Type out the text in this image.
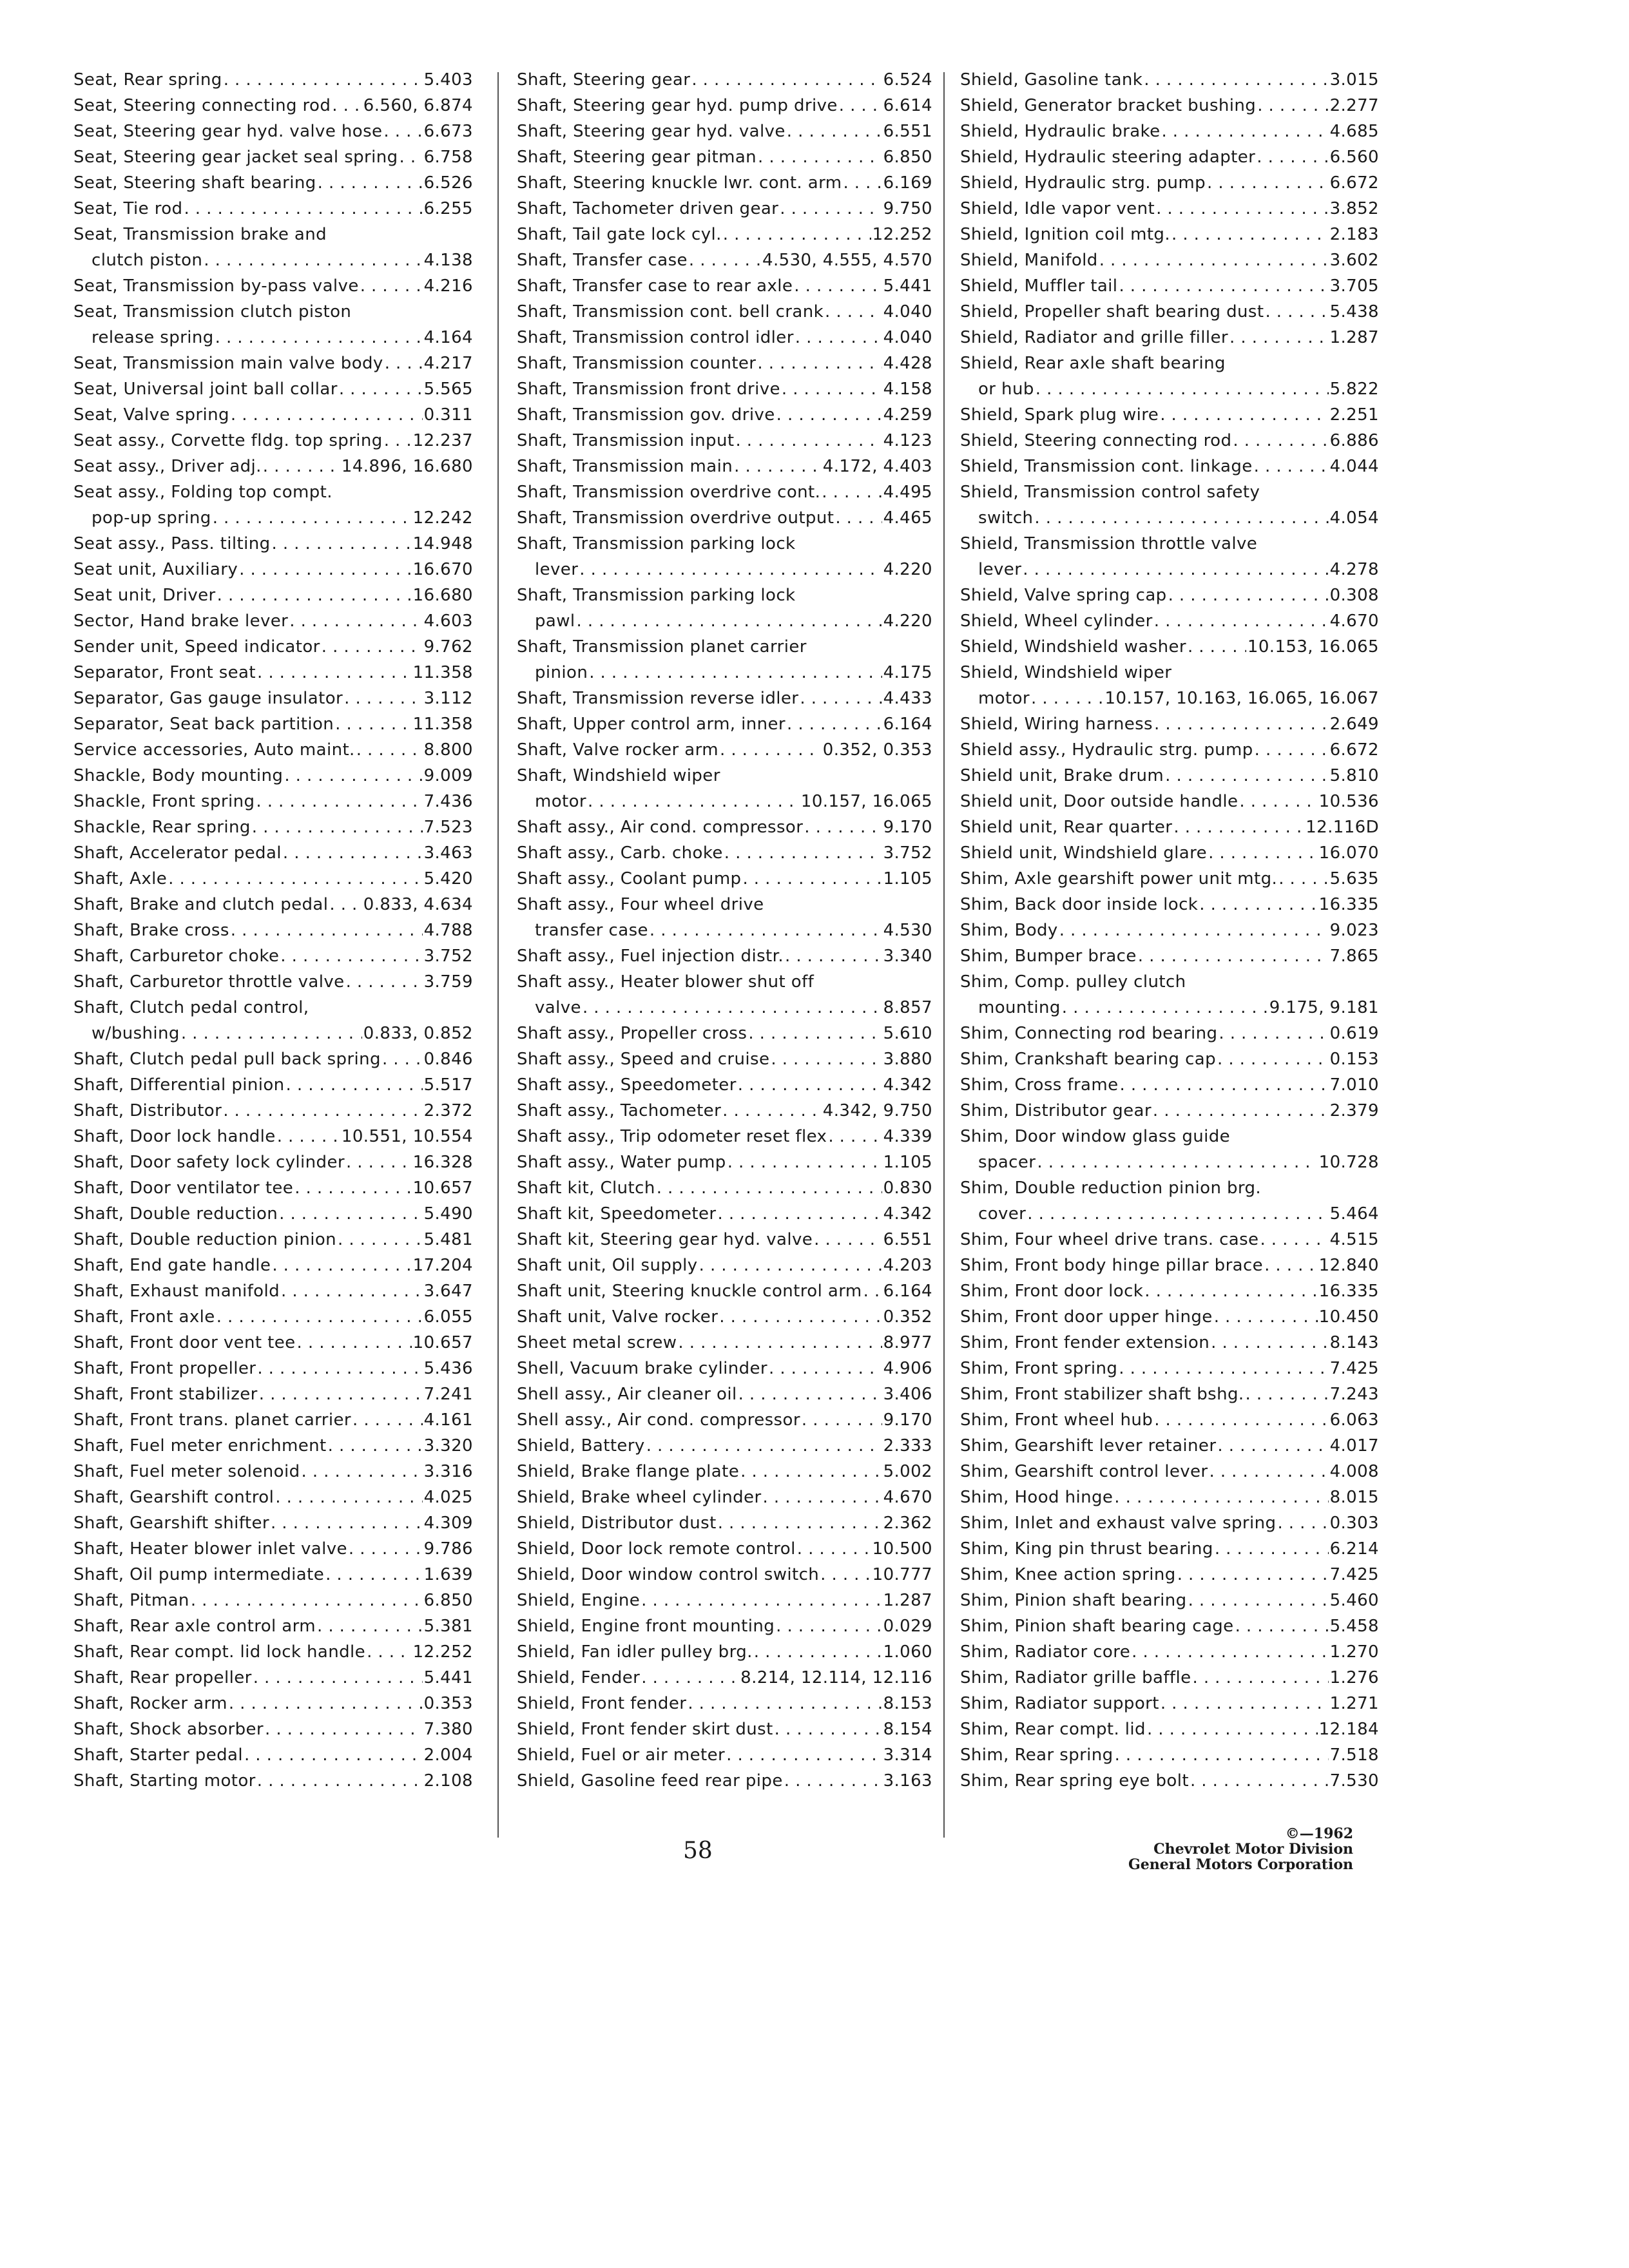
Seat, Rear spring . . .	5.403
Seat, Steering connecting rod . . . 6.560, 6.874
Seat, Steering gear hyd. valve hose . . . 6.673
Seat, Steering gear jacket seal spring . . . 6.758
Seat, Steering shaft bearing . . .	6.526
Seat, Tie rod . . .	6.255
Seat, Transmission brake and
clutch piston . . .	4.138
Seat, Transmission by-pass valve . . .	4.216
Seat, Transmission clutch piston
release spring . . .	4.164
Seat, Transmission main valve body . . . 4.217
Seat, Universal joint ball collar . . .	5.565
Seat, Valve spring . . .	0.311
Seat assy., Corvette fldg. top spring . . . 12.237
Seat assy., Driver adj. . . .	14.896, 16.680
Seat assy., Folding top compt.
pop-up spring . . .	12.242
Seat assy., Pass. tilting . . .	14.948
Seat unit, Auxiliary . . .	16.670
Seat unit, Driver . . .	16.680
Sector, Hand brake lever . . .	4.603
Sender unit, Speed indicator . . .	9.762
Separator, Front seat . . .	11.358
Separator, Gas gauge insulator . . .	3.112
Separator, Seat back partition . . .	11.358
Service accessories, Auto maint. . . .	8.800
Shackle, Body mounting . . .	9.009
Shackle, Front spring . . .	7.436
Shackle, Rear spring . . .	7.523
Shaft, Accelerator pedal . . .	3.463
Shaft, Axle . . .	5.420
Shaft, Brake and clutch pedal . . . 0.833, 4.634
Shaft, Brake cross . . .	4.788
Shaft, Carburetor choke . . .	3.752
Shaft, Carburetor throttle valve . . .	3.759
Shaft, Clutch pedal control,
w/bushing . . .	0.833, 0.852
Shaft, Clutch pedal pull back spring . . .	0.846
Shaft, Differential pinion . . .	5.517
Shaft, Distributor . . .	2.372
Shaft, Door lock handle . . .	10.551, 10.554
Shaft, Door safety lock cylinder . . .	16.328
Shaft, Door ventilator tee . . .	10.657
Shaft, Double reduction . . .	5.490
Shaft, Double reduction pinion . . .	5.481
Shaft, End gate handle . . .	17.204
Shaft, Exhaust manifold . . .	3.647
Shaft, Front axle . . .	6.055
Shaft, Front door vent tee . . .	10.657
Shaft, Front propeller . . .	5.436
Shaft, Front stabilizer . . .	7.241
Shaft, Front trans. planet carrier . . .	4.161
Shaft, Fuel meter enrichment . . .	3.320
Shaft, Fuel meter solenoid . . .	3.316
Shaft, Gearshift control . . .	4.025
Shaft, Gearshift shifter . . .	4.309
Shaft, Heater blower inlet valve . . .	9.786
Shaft, Oil pump intermediate . . .	1.639
Shaft, Pitman . . .	6.850
Shaft, Rear axle control arm . . .	5.381
Shaft, Rear compt. lid lock handle . . .	12.252
Shaft, Rear propeller . . .	5.441
Shaft, Rocker arm . . .	0.353
Shaft, Shock absorber . . .	7.380
Shaft, Starter pedal . . .	2.004
Shaft, Starting motor . . .	2.108
Shaft, Steering gear . . .	6.524
Shaft, Steering gear hyd. pump drive . . .	6.614
Shaft, Steering gear hyd. valve . . .	6.551
Shaft, Steering gear pitman . . .	6.850
Shaft, Steering knuckle lwr. cont. arm . . . 6.169
Shaft, Tachometer driven gear . . .	9.750
Shaft, Tail gate lock cyl. . . .	12.252
Shaft, Transfer case . . .	4.530, 4.555, 4.570
Shaft, Transfer case to rear axle . . .	5.441
Shaft, Transmission cont. bell crank . . .	4.040
Shaft, Transmission control idler . . .	4.040
Shaft, Transmission counter . . .	4.428
Shaft, Transmission front drive . . .	4.158
Shaft, Transmission gov. drive . . .	4.259
Shaft, Transmission input . . .	4.123
Shaft, Transmission main . . .	4.172, 4.403
Shaft, Transmission overdrive cont. . . .	4.495
Shaft, Transmission overdrive output . . .	4.465
Shaft, Transmission parking lock
lever . . .	4.220
Shaft, Transmission parking lock
pawl . . .	4.220
Shaft, Transmission planet carrier
pinion . . .	4.175
Shaft, Transmission reverse idler . . .	4.433
Shaft, Upper control arm, inner . . .	6.164
Shaft, Valve rocker arm . . .	0.352, 0.353
Shaft, Windshield wiper
motor . . .	10.157, 16.065
Shaft assy., Air cond. compressor . . .	9.170
Shaft assy., Carb. choke . . .	3.752
Shaft assy., Coolant pump . . .	1.105
Shaft assy., Four wheel drive
transfer case . . .	4.530
Shaft assy., Fuel injection distr. . . .	3.340
Shaft assy., Heater blower shut off
valve . . .	8.857
Shaft assy., Propeller cross . . .	5.610
Shaft assy., Speed and cruise . . .	3.880
Shaft assy., Speedometer . . .	4.342
Shaft assy., Tachometer . . .	4.342, 9.750
Shaft assy., Trip odometer reset flex . . .	4.339
Shaft assy., Water pump . . .	1.105
Shaft kit, Clutch . . .	0.830
Shaft kit, Speedometer . . .	4.342
Shaft kit, Steering gear hyd. valve . . .	6.551
Shaft unit, Oil supply . . .	4.203
Shaft unit, Steering knuckle control arm . . . 6.164
Shaft unit, Valve rocker . . .	0.352
Sheet metal screw . . .	8.977
Shell, Vacuum brake cylinder . . .	4.906
Shell assy., Air cleaner oil . . .	3.406
Shell assy., Air cond. compressor . . .	9.170
Shield, Battery . . .	2.333
Shield, Brake flange plate . . .	5.002
Shield, Brake wheel cylinder . . .	4.670
Shield, Distributor dust . . .	2.362
Shield, Door lock remote control . . .	10.500
Shield, Door window control switch . . .	10.777
Shield, Engine . . .	1.287
Shield, Engine front mounting . . .	0.029
Shield, Fan idler pulley brg. . . .	1.060
Shield, Fender . . .	8.214, 12.114, 12.116
Shield, Front fender . . .	8.153
Shield, Front fender skirt dust . . .	8.154
Shield, Fuel or air meter . . .	3.314
Shield, Gasoline feed rear pipe . . .	3.163
Shield, Gasoline tank . . .	3.015
Shield, Generator bracket bushing . . .	2.277
Shield, Hydraulic brake . . .	4.685
Shield, Hydraulic steering adapter . . .	6.560
Shield, Hydraulic strg. pump . . .	6.672
Shield, Idle vapor vent . . .	3.852
Shield, Ignition coil mtg. . . .	2.183
Shield, Manifold . . .	3.602
Shield, Muffler tail . . .	3.705
Shield, Propeller shaft bearing dust . . .	5.438
Shield, Radiator and grille filler . . .	1.287
Shield, Rear axle shaft bearing
or hub . . .	5.822
Shield, Spark plug wire . . .	2.251
Shield, Steering connecting rod . . .	6.886
Shield, Transmission cont. linkage . . .	4.044
Shield, Transmission control safety
switch . . .	4.054
Shield, Transmission throttle valve
lever . . .	4.278
Shield, Valve spring cap . . .	0.308
Shield, Wheel cylinder . . .	4.670
Shield, Windshield washer . . .	10.153, 16.065
Shield, Windshield wiper
motor . . .	10.157, 10.163, 16.065, 16.067
Shield, Wiring harness . . .	2.649
Shield assy., Hydraulic strg. pump . . .	6.672
Shield unit, Brake drum . . .	5.810
Shield unit, Door outside handle . . .	10.536
Shield unit, Rear quarter . . .	12.116D
Shield unit, Windshield glare . . .	16.070
Shim, Axle gearshift power unit mtg. . . .	5.635
Shim, Back door inside lock . . .	16.335
Shim, Body . . .	9.023
Shim, Bumper brace . . .	7.865
Shim, Comp. pulley clutch
mounting . . .	9.175, 9.181
Shim, Connecting rod bearing . . .	0.619
Shim, Crankshaft bearing cap . . .	0.153
Shim, Cross frame . . .	7.010
Shim, Distributor gear . . .	2.379
Shim, Door window glass guide
spacer . . .	10.728
Shim, Double reduction pinion brg.
cover . . .	5.464
Shim, Four wheel drive trans. case . . .	4.515
Shim, Front body hinge pillar brace . . .	12.840
Shim, Front door lock . . .	16.335
Shim, Front door upper hinge . . .	10.450
Shim, Front fender extension . . .	8.143
Shim, Front spring . . .	7.425
Shim, Front stabilizer shaft bshg. . . .	7.243
Shim, Front wheel hub . . .	6.063
Shim, Gearshift lever retainer . . .	4.017
Shim, Gearshift control lever . . .	4.008
Shim, Hood hinge . . .	8.015
Shim, Inlet and exhaust valve spring . . .	0.303
Shim, King pin thrust bearing . . .	6.214
Shim, Knee action spring . . .	7.425
Shim, Pinion shaft bearing . . .	5.460
Shim, Pinion shaft bearing cage . . .	5.458
Shim, Radiator core . . .	1.270
Shim, Radiator grille baffle . . .	1.276
Shim, Radiator support . . .	1.271
Shim, Rear compt. lid . . .	12.184
Shim, Rear spring . . .	7.518
Shim, Rear spring eye bolt . . .	7.530
58
©—1962
Chevrolet Motor Division
General Motors Corporation
